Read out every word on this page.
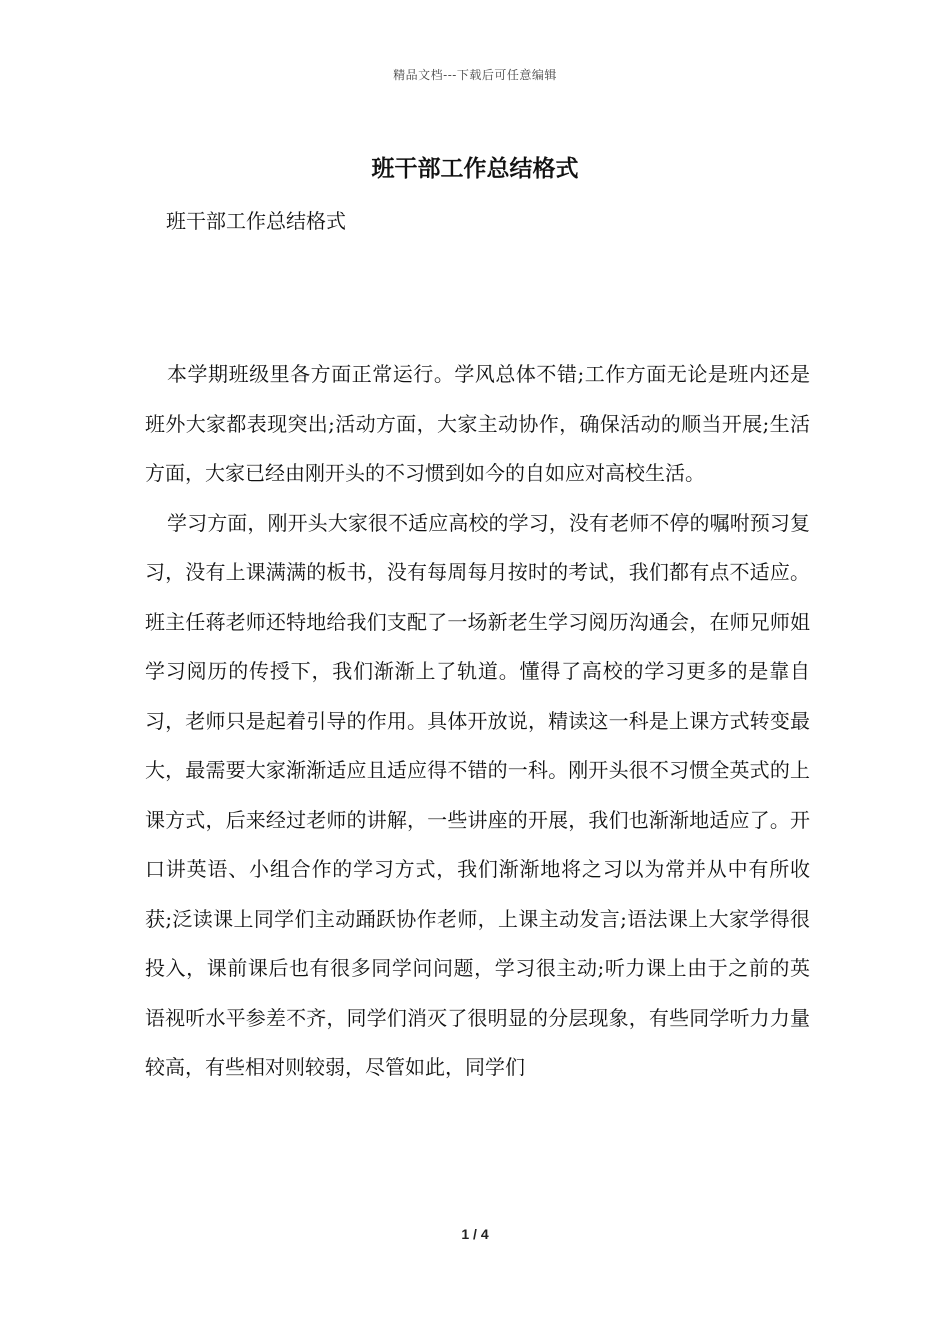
精品文档---下载后可任意编辑
班干部工作总结格式
班干部工作总结格式

本学期班级里各方面正常运行。学风总体不错;工作方面无论是班内还是班外大家都表现突出;活动方面，大家主动协作，确保活动的顺当开展;生活方面，大家已经由刚开头的不习惯到如今的自如应对高校生活。

学习方面，刚开头大家很不适应高校的学习，没有老师不停的嘱咐预习复习，没有上课满满的板书，没有每周每月按时的考试，我们都有点不适应。班主任蒋老师还特地给我们支配了一场新老生学习阅历沟通会，在师兄师姐学习阅历的传授下，我们渐渐上了轨道。懂得了高校的学习更多的是靠自习，老师只是起着引导的作用。具体开放说，精读这一科是上课方式转变最大，最需要大家渐渐适应且适应得不错的一科。刚开头很不习惯全英式的上课方式，后来经过老师的讲解，一些讲座的开展，我们也渐渐地适应了。开口讲英语、小组合作的学习方式，我们渐渐地将之习以为常并从中有所收获;泛读课上同学们主动踊跃协作老师，上课主动发言;语法课上大家学得很投入，课前课后也有很多同学问问题，学习很主动;听力课上由于之前的英语视听水平参差不齐，同学们消灭了很明显的分层现象，有些同学听力力量较高，有些相对则较弱，尽管如此，同学们

1 / 4
